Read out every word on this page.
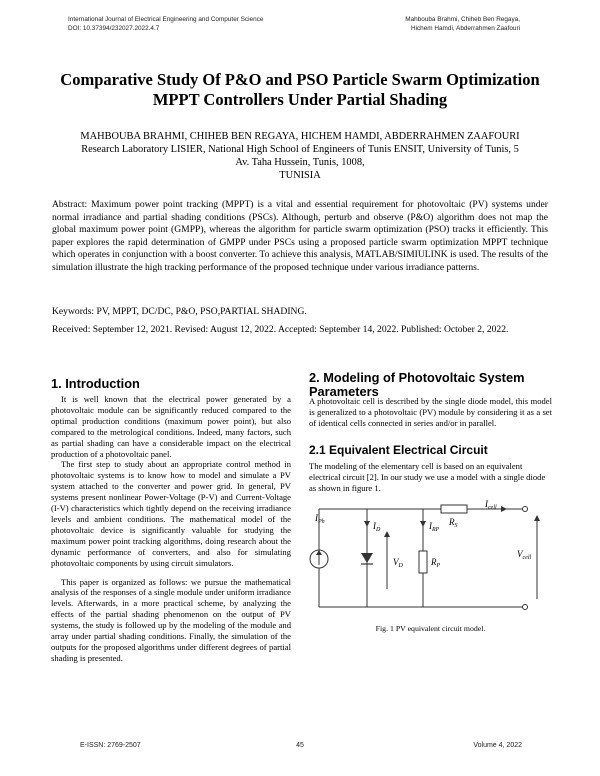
International Journal of Electrical Engineering and Computer Science
DOI: 10.37394/232027.2022.4.7
Mahbouba Brahmi, Chiheb Ben Regaya,
Hichem Hamdi, Abderrahmen Zaafouri
Comparative Study Of P&O and PSO Particle Swarm Optimization
MPPT Controllers Under Partial Shading
MAHBOUBA BRAHMI, CHIHEB BEN REGAYA, HICHEM HAMDI, ABDERRAHMEN ZAAFOURI
Research Laboratory LISIER, National High School of Engineers of Tunis ENSIT, University of Tunis, 5 Av. Taha Hussein, Tunis, 1008,
TUNISIA
Abstract: Maximum power point tracking (MPPT) is a vital and essential requirement for photovoltaic (PV) systems under normal irradiance and partial shading conditions (PSCs). Although, perturb and observe (P&O) algorithm does not map the global maximum power point (GMPP), whereas the algorithm for particle swarm optimization (PSO) tracks it efficiently. This paper explores the rapid determination of GMPP under PSCs using a proposed particle swarm optimization MPPT technique which operates in conjunction with a boost converter. To achieve this analysis, MATLAB/SIMIULINK is used. The results of the simulation illustrate the high tracking performance of the proposed technique under various irradiance patterns.
Keywords: PV, MPPT, DC/DC, P&O, PSO,PARTIAL SHADING.
Received: September 12, 2021. Revised: August 12, 2022. Accepted: September 14, 2022. Published: October 2, 2022.
1. Introduction

It is well known that the electrical power generated by a photovoltaic module can be significantly reduced compared to the optimal production conditions (maximum power point), but also compared to the metrological conditions. Indeed, many factors, such as partial shading can have a considerable impact on the electrical production of a photovoltaic panel.

The first step to study about an appropriate control method in photovoltaic systems is to know how to model and simulate a PV system attached to the converter and power grid. In general, PV systems present nonlinear Power-Voltage (P-V) and Current-Voltage (I-V) characteristics which tightly depend on the receiving irradiance levels and ambient conditions. The mathematical model of the photovoltaic device is significantly valuable for studying the maximum power point tracking algorithms, doing research about the dynamic performance of converters, and also for simulating photovoltaic components by using circuit simulators.

This paper is organized as follows: we pursue the mathematical analysis of the responses of a single module under uniform irradiance levels. Afterwards, in a more practical scheme, by analyzing the effects of the partial shading phenomenon on the output of PV systems, the study is followed up by the modeling of the module and array under partial shading conditions. Finally, the simulation of the outputs for the proposed algorithms under different degrees of partial shading is presented.

2. Modeling of Photovoltaic System Parameters
A photovoltaic cell is described by the single diode model, this model is generalized to a photovoltaic (PV) module by considering it as a set of identical cells connected in series and/or in parallel.
2.1 Equivalent Electrical Circuit
The modeling of the elementary cell is based on an equivalent electrical circuit [2]. In our study we use a model with a single diode as shown in figure 1.
$I_{Ph}$	$I_D$
$V_D$
$I_{RP}$
$R_P$
$R_S$
$I_{cell}$
$V_{cell}$
Fig. 1 PV equivalent circuit model.
E-ISSN: 2769-2507	45	Volume 4, 2022
